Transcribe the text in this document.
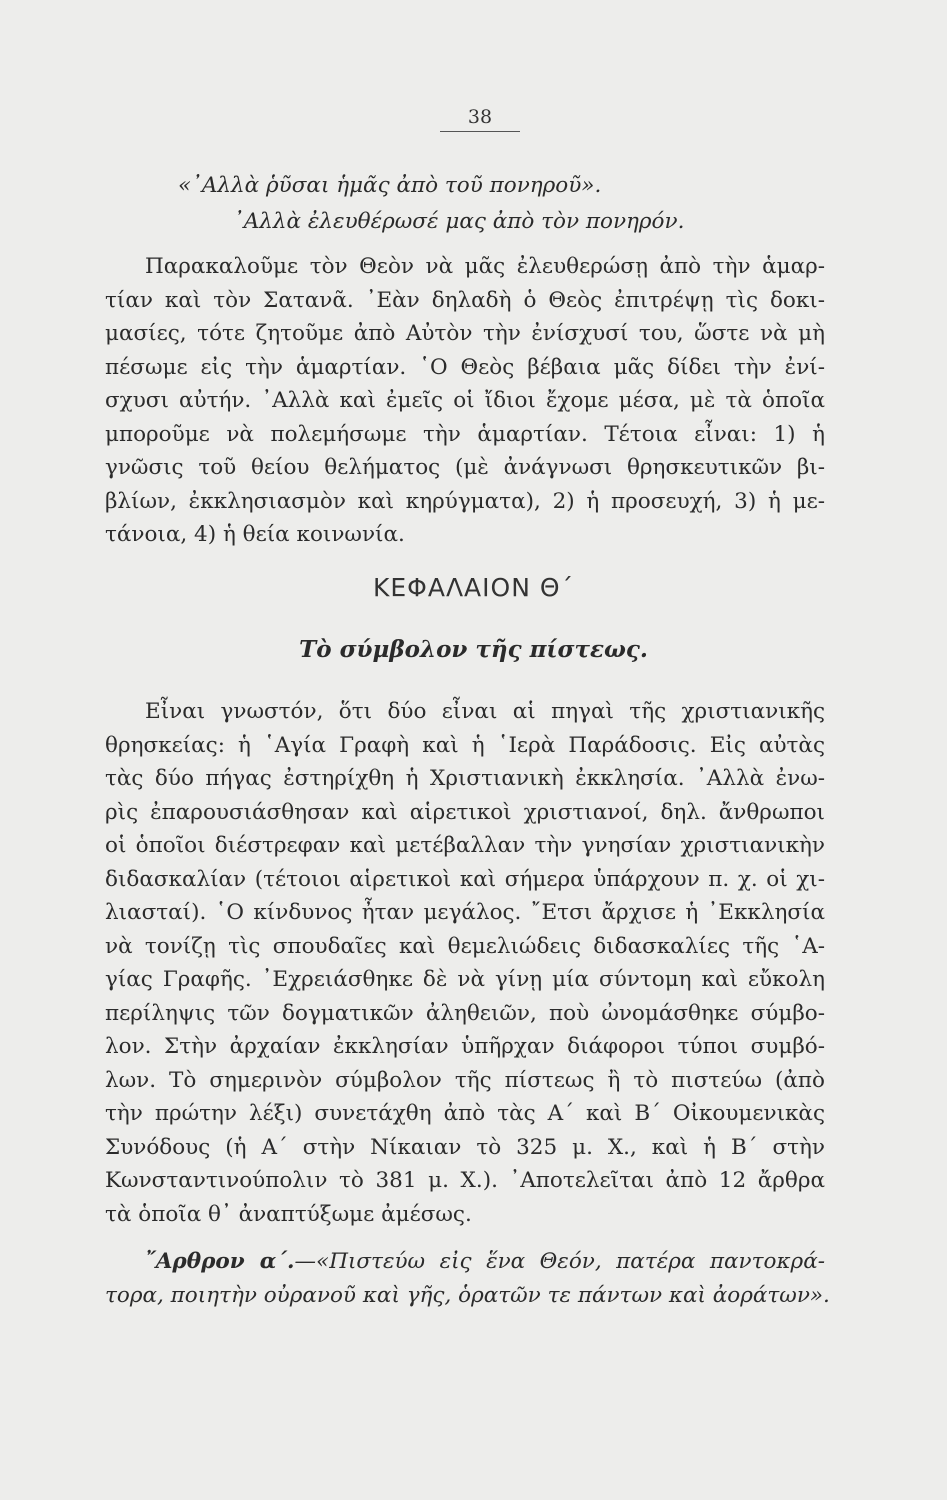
38
«᾿Αλλὰ ῥῦσαι ἡμᾶς ἀπὸ τοῦ πονηροῦ».
᾿Αλλὰ ἐλευθέρωσέ μας ἀπὸ τὸν πονηρόν.
Παρακαλοῦμε τὸν Θεὸν νὰ μᾶς ἐλευθερώσῃ ἀπὸ τὴν ἁμαρ-
τίαν καὶ τὸν Σατανᾶ. ᾿Εὰν δηλαδὴ ὁ Θεὸς ἐπιτρέψῃ τὶς δοκι-
μασίες, τότε ζητοῦμε ἀπὸ Αὐτὸν τὴν ἐνίσχυσί του, ὥστε νὰ μὴ
πέσωμε εἰς τὴν ἁμαρτίαν. ῾Ο Θεὸς βέβαια μᾶς δίδει τὴν ἐνί-
σχυσι αὐτήν. ᾿Αλλὰ καὶ ἐμεῖς οἱ ἴδιοι ἔχομε μέσα, μὲ τὰ ὁποῖα
μποροῦμε νὰ πολεμήσωμε τὴν ἁμαρτίαν. Τέτοια εἶναι: 1) ἡ
γνῶσις τοῦ θείου θελήματος (μὲ ἀνάγνωσι θρησκευτικῶν βι-
βλίων, ἐκκλησιασμὸν καὶ κηρύγματα), 2) ἡ προσευχή, 3) ἡ με-
τάνοια, 4) ἡ θεία κοινωνία.
ΚΕΦΑΛΑΙΟΝ Θ΄
Τὸ σύμβολον τῆς πίστεως.
Εἶναι γνωστόν, ὅτι δύο εἶναι αἱ πηγαὶ τῆς χριστιανικῆς
θρησκείας: ἡ ῾Αγία Γραφὴ καὶ ἡ ῾Ιερὰ Παράδοσις. Εἰς αὐτὰς
τὰς δύο πήγας ἐστηρίχθη ἡ Χριστιανικὴ ἐκκλησία. ᾿Αλλὰ ἐνω-
ρὶς ἐπαρουσιάσθησαν καὶ αἱρετικοὶ χριστιανοί, δηλ. ἄνθρωποι
οἱ ὁποῖοι διέστρεφαν καὶ μετέβαλλαν τὴν γνησίαν χριστιανικὴν
διδασκαλίαν (τέτοιοι αἱρετικοὶ καὶ σήμερα ὑπάρχουν π. χ. οἱ χι-
λιασταί). ῾Ο κίνδυνος ἦταν μεγάλος. ῎Ετσι ἄρχισε ἡ ᾿Εκκλησία
νὰ τονίζῃ τὶς σπουδαῖες καὶ θεμελιώδεις διδασκαλίες τῆς ῾Α-
γίας Γραφῆς. ᾿Εχρειάσθηκε δὲ νὰ γίνῃ μία σύντομη καὶ εὔκολη
περίληψις τῶν δογματικῶν ἀληθειῶν, ποὺ ὠνομάσθηκε σύμβο-
λον. Στὴν ἀρχαίαν ἐκκλησίαν ὑπῆρχαν διάφοροι τύποι συμβό-
λων. Τὸ σημερινὸν σύμβολον τῆς πίστεως ἢ τὸ πιστεύω (ἀπὸ
τὴν πρώτην λέξι) συνετάχθη ἀπὸ τὰς Α΄ καὶ Β΄ Οἰκουμενικὰς
Συνόδους (ἡ Α΄ στὴν Νίκαιαν τὸ 325 μ. Χ., καὶ ἡ Β΄ στὴν
Κωνσταντινούπολιν τὸ 381 μ. Χ.). ᾿Αποτελεῖται ἀπὸ 12 ἄρθρα
τὰ ὁποῖα θ᾿ ἀναπτύξωμε ἀμέσως.
῎Αρθρον α΄.—«Πιστεύω εἰς ἕνα Θεόν, πατέρα παντοκρά-
τορα, ποιητὴν οὐρανοῦ καὶ γῆς, ὁρατῶν τε πάντων καὶ ἀοράτων».
